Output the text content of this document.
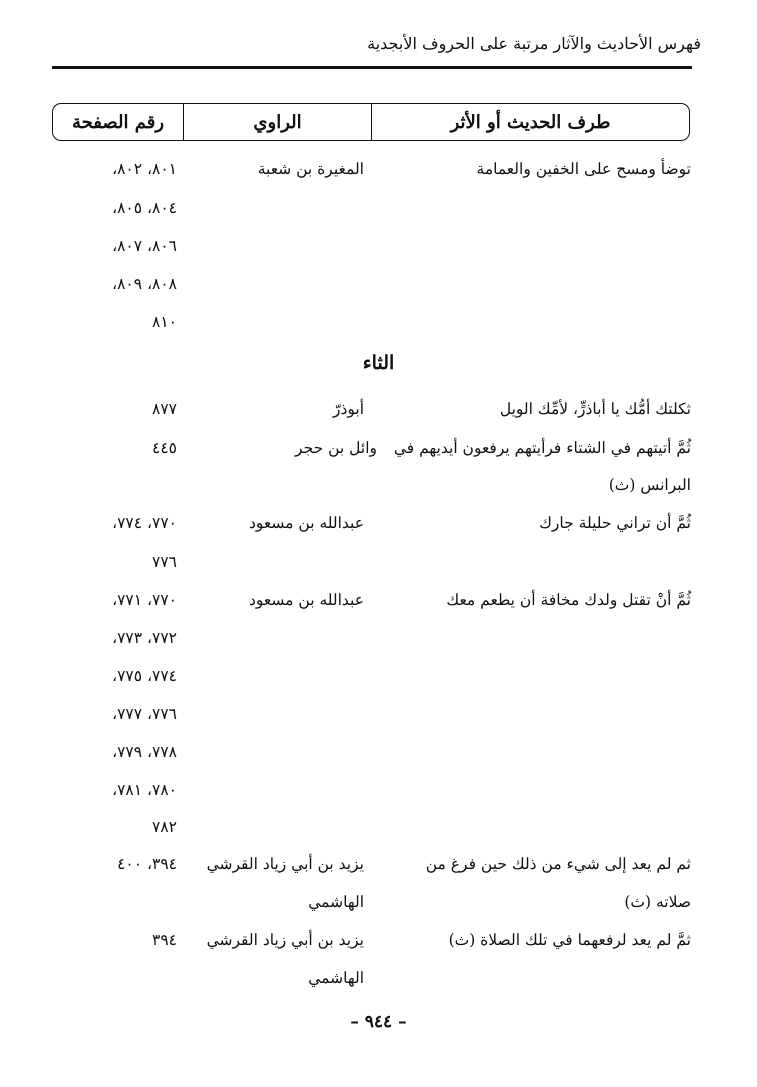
فهرس الأحاديث والآثار مرتبة على الحروف الأبجدية
طرف الحديث أو الأثر
الراوي
رقم الصفحة
توضأ ومسح على الخفين والعمامة
المغيرة بن شعبة
٨٠١، ٨٠٢،
٨٠٤، ٨٠٥،
٨٠٦، ٨٠٧،
٨٠٨، ٨٠٩،
٨١٠
الثاء
ثكلتك أمُّك يا أباذرٍّ، لأمِّك الويل
أبوذرّ
٨٧٧
ثُمَّ أتيتهم في الشتاء فرأيتهم يرفعون أيديهم في
وائل بن حجر
٤٤٥
البرانس (ث)
ثُمَّ أن تراني حليلة جارك
عبدالله بن مسعود
٧٧٠، ٧٧٤،
٧٧٦
ثُمَّ أنْ تقتل ولدك مخافة أن يطعم معك
عبدالله بن مسعود
٧٧٠، ٧٧١،
٧٧٢، ٧٧٣،
٧٧٤، ٧٧٥،
٧٧٦، ٧٧٧،
٧٧٨، ٧٧٩،
٧٨٠، ٧٨١،
٧٨٢
ثم لم يعد إلى شيء من ذلك حين فرغ من
يزيد بن أبي زياد القرشي
٣٩٤، ٤٠٠
صلاته (ث)
الهاشمي
ثمَّ لم يعد لرفعهما في تلك الصلاة (ث)
يزيد بن أبي زياد القرشي
٣٩٤
الهاشمي
– ٩٤٤ –
